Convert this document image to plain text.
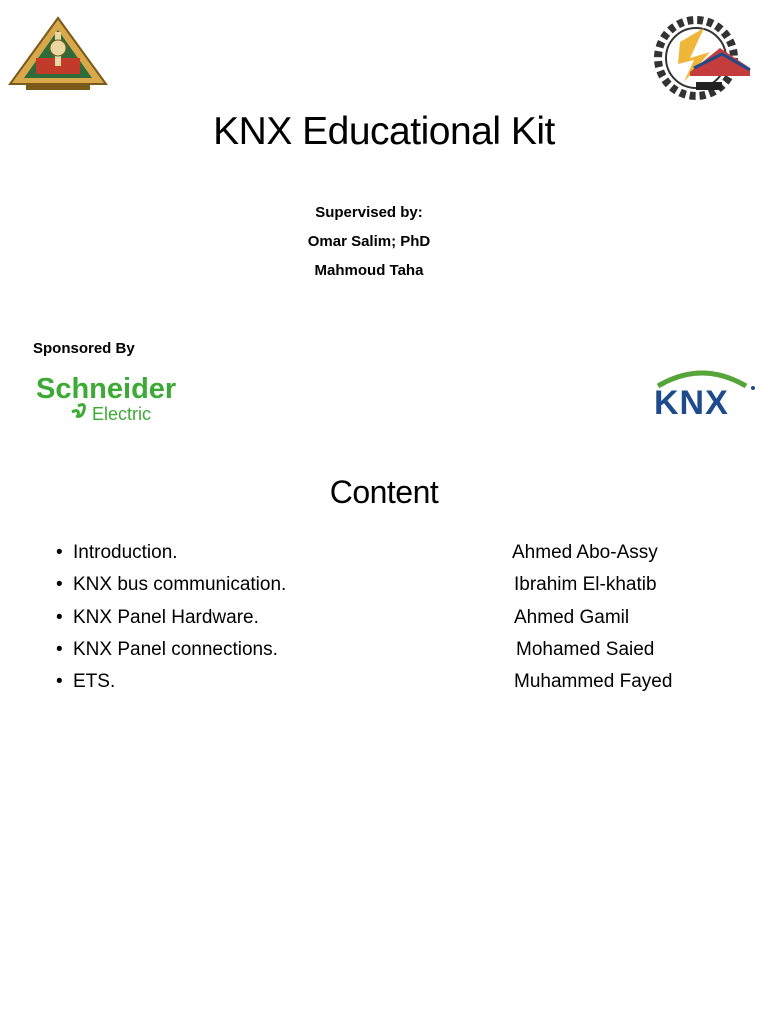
KNX Educational Kit
Supervised by:
Omar Salim; PhD
Mahmoud Taha
Sponsored By
Schneider
Electric	KNX
Content
• Introduction.	Ahmed Abo-Assy
• KNX bus communication.	Ibrahim El-khatib
• KNX Panel Hardware.	Ahmed Gamil
• KNX Panel connections.	Mohamed Saied
• ETS.	Muhammed Fayed
